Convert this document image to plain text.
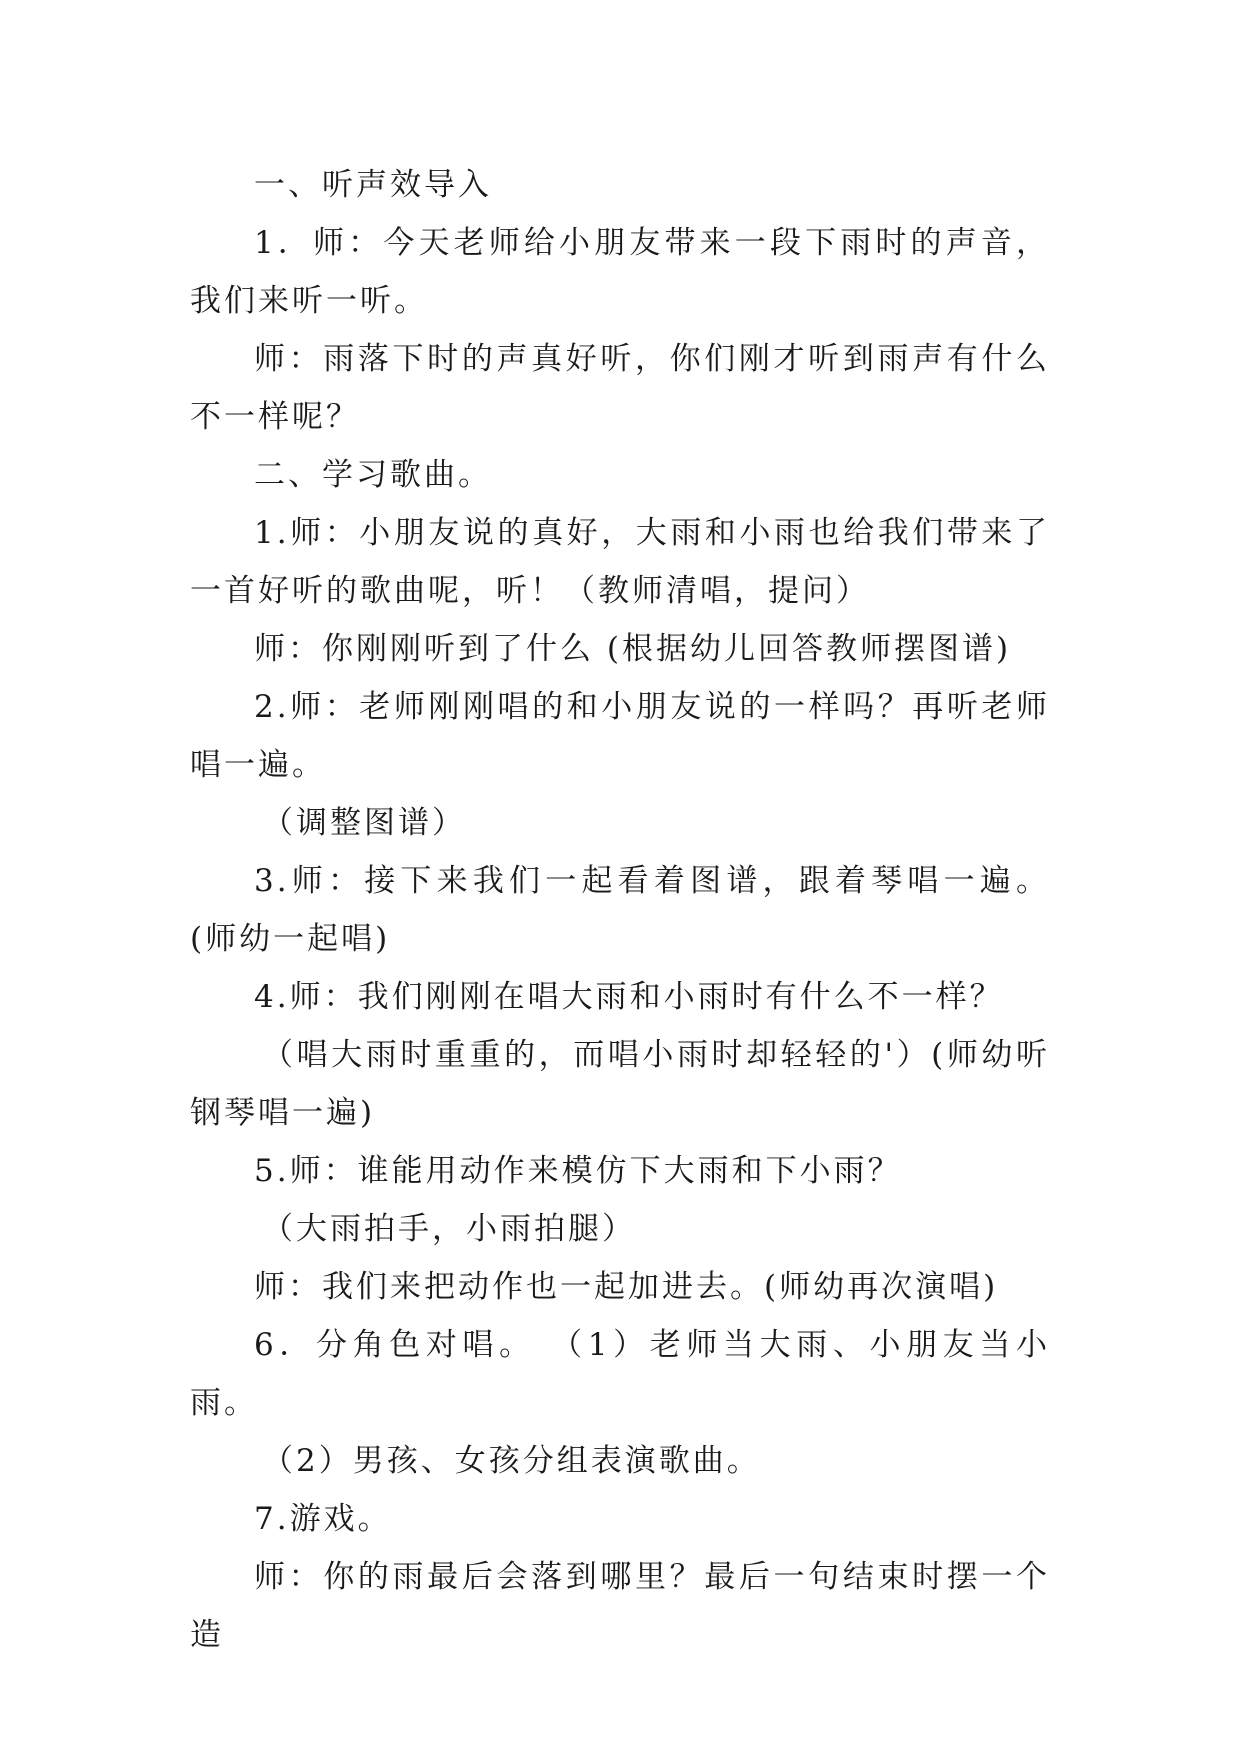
一、听声效导入

1．师：今天老师给小朋友带来一段下雨时的声音，我们来听一听。

师：雨落下时的声真好听，你们刚才听到雨声有什么不一样呢？

二、学习歌曲。

1.师：小朋友说的真好，大雨和小雨也给我们带来了一首好听的歌曲呢，听！（教师清唱，提问）

师：你刚刚听到了什么 (根据幼儿回答教师摆图谱)

2.师：老师刚刚唱的和小朋友说的一样吗？再听老师唱一遍。

（调整图谱）

3.师：接下来我们一起看着图谱，跟着琴唱一遍。(师幼一起唱)

4.师：我们刚刚在唱大雨和小雨时有什么不一样？

（唱大雨时重重的，而唱小雨时却轻轻的'）(师幼听钢琴唱一遍)

5.师：谁能用动作来模仿下大雨和下小雨？

（大雨拍手，小雨拍腿）

师：我们来把动作也一起加进去。(师幼再次演唱)

6．分角色对唱。 （1）老师当大雨、小朋友当小雨。

（2）男孩、女孩分组表演歌曲。

7.游戏。

师：你的雨最后会落到哪里？最后一句结束时摆一个造
